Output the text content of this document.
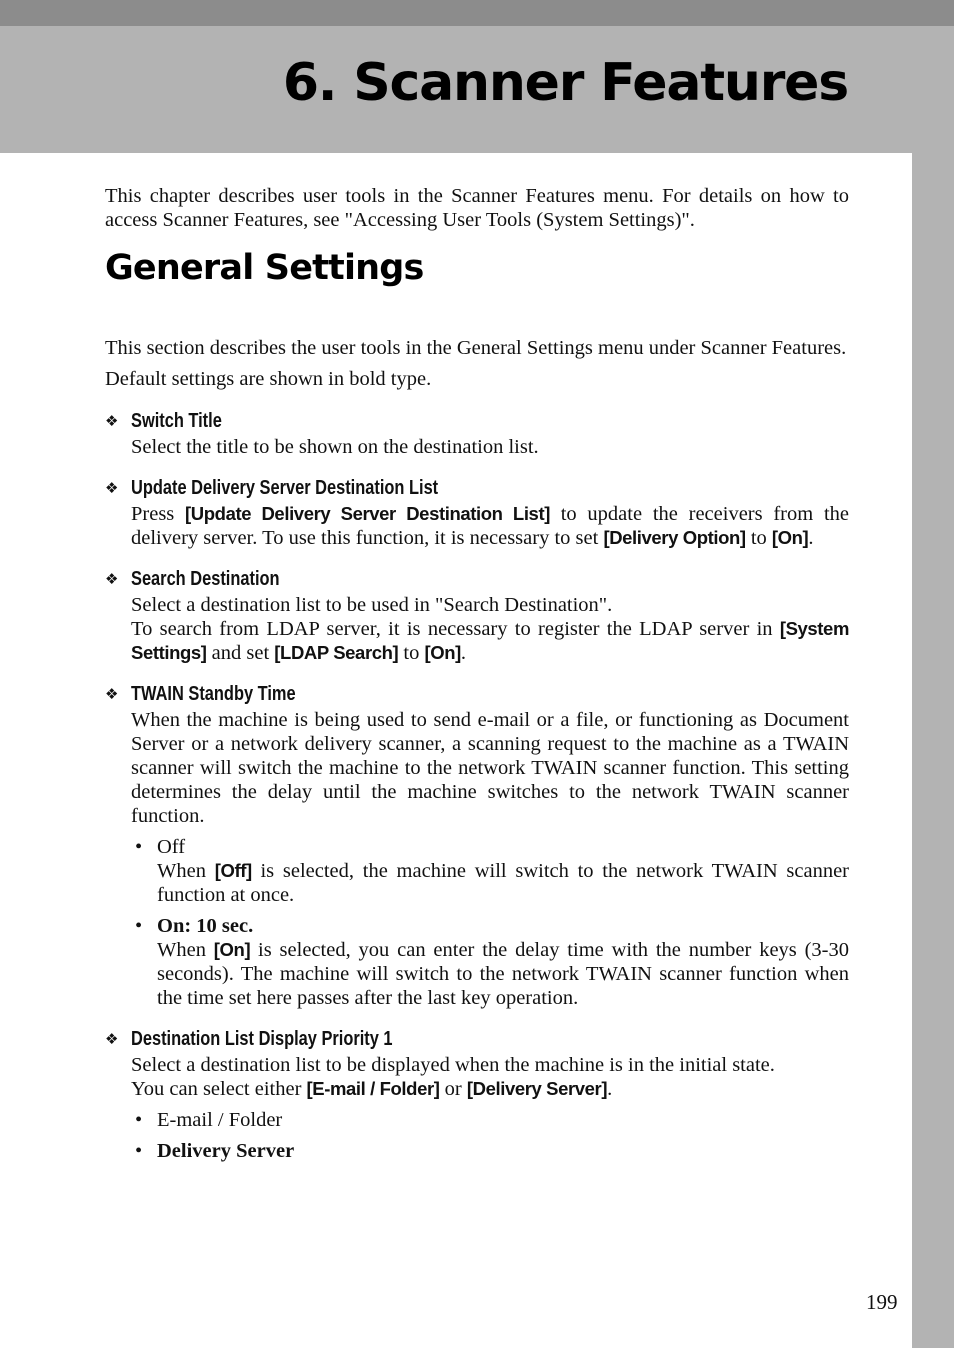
6. Scanner Features

This chapter describes user tools in the Scanner Features menu. For details on how to access Scanner Features, see "Accessing User Tools (System Settings)".

General Settings

This section describes the user tools in the General Settings menu under Scanner Features.

Default settings are shown in bold type.

❖ Switch Title

Select the title to be shown on the destination list.

❖ Update Delivery Server Destination List

Press [Update Delivery Server Destination List] to update the receivers from the delivery server. To use this function, it is necessary to set [Delivery Option] to [On].

❖ Search Destination

Select a destination list to be used in "Search Destination".

To search from LDAP server, it is necessary to register the LDAP server in [System Settings] and set [LDAP Search] to [On].

❖ TWAIN Standby Time

When the machine is being used to send e-mail or a file, or functioning as Document Server or a network delivery scanner, a scanning request to the machine as a TWAIN scanner will switch the machine to the network TWAIN scanner function. This setting determines the delay until the machine switches to the network TWAIN scanner function.

• Off
When [Off] is selected, the machine will switch to the network TWAIN scanner function at once.
• On: 10 sec.
When [On] is selected, you can enter the delay time with the number keys (3-30 seconds). The machine will switch to the network TWAIN scanner function when the time set here passes after the last key operation.
❖ Destination List Display Priority 1

Select a destination list to be displayed when the machine is in the initial state.

You can select either [E-mail / Folder] or [Delivery Server].

• E-mail / Folder
• Delivery Server
199
